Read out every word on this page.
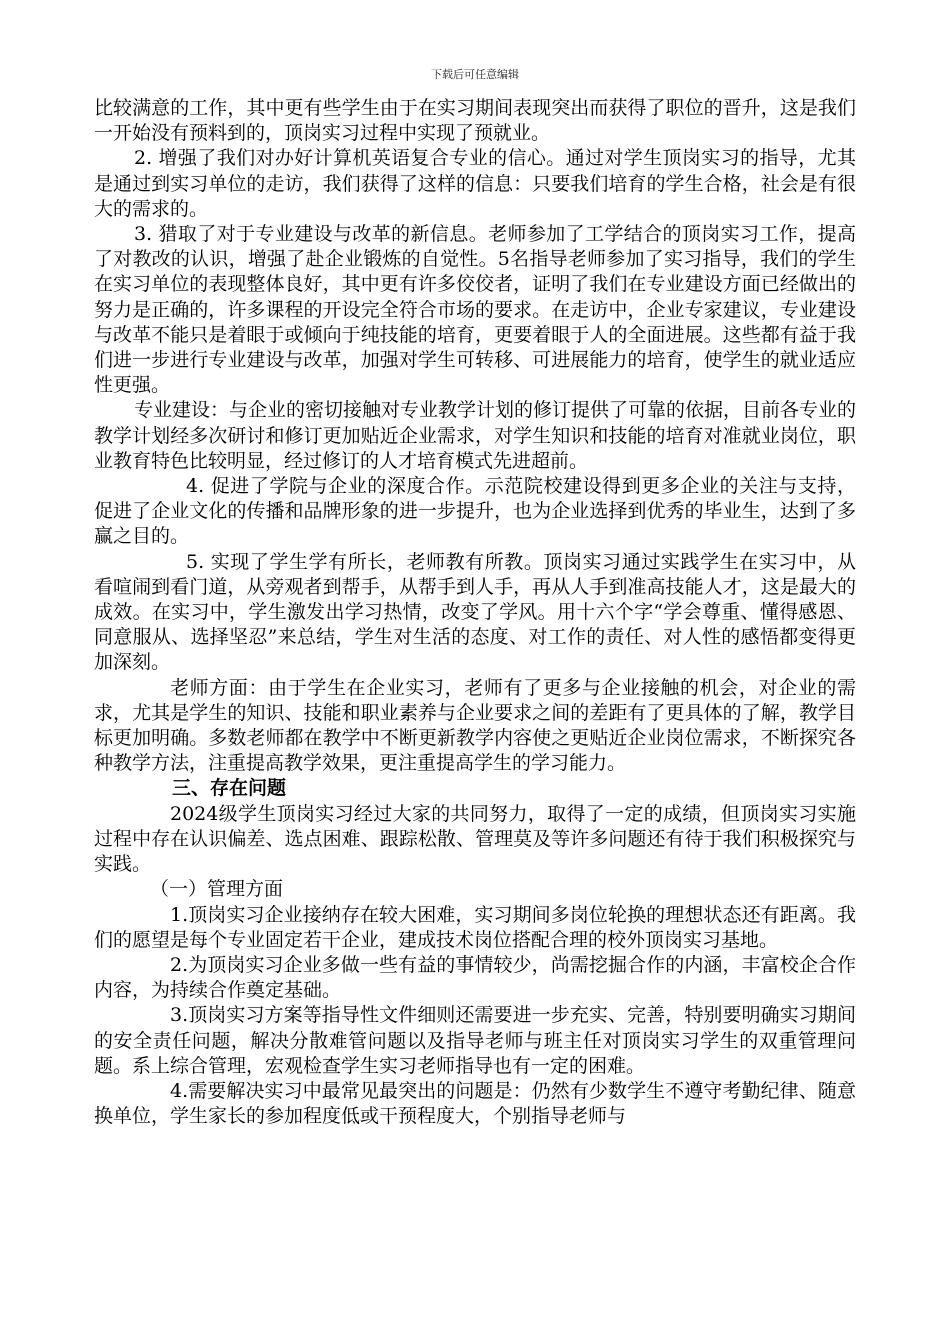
下载后可任意编辑

比较满意的工作，其中更有些学生由于在实习期间表现突出而获得了职位的晋升，这是我们一开始没有预料到的，顶岗实习过程中实现了预就业。

2. 增强了我们对办好计算机英语复合专业的信心。通过对学生顶岗实习的指导，尤其是通过到实习单位的走访，我们获得了这样的信息：只要我们培育的学生合格，社会是有很大的需求的。

3. 猎取了对于专业建设与改革的新信息。老师参加了工学结合的顶岗实习工作，提高了对教改的认识，增强了赴企业锻炼的自觉性。5名指导老师参加了实习指导，我们的学生在实习单位的表现整体良好，其中更有许多佼佼者，证明了我们在专业建设方面已经做出的努力是正确的，许多课程的开设完全符合市场的要求。在走访中，企业专家建议，专业建设与改革不能只是着眼于或倾向于纯技能的培育，更要着眼于人的全面进展。这些都有益于我们进一步进行专业建设与改革，加强对学生可转移、可进展能力的培育，使学生的就业适应性更强。

专业建设：与企业的密切接触对专业教学计划的修订提供了可靠的依据，目前各专业的教学计划经多次研讨和修订更加贴近企业需求，对学生知识和技能的培育对准就业岗位，职业教育特色比较明显，经过修订的人才培育模式先进超前。

4. 促进了学院与企业的深度合作。示范院校建设得到更多企业的关注与支持，促进了企业文化的传播和品牌形象的进一步提升，也为企业选择到优秀的毕业生，达到了多赢之目的。

5. 实现了学生学有所长，老师教有所教。顶岗实习通过实践学生在实习中，从看喧闹到看门道，从旁观者到帮手，从帮手到人手，再从人手到准高技能人才，这是最大的成效。在实习中，学生激发出学习热情，改变了学风。用十六个字“学会尊重、懂得感恩、同意服从、选择坚忍”来总结，学生对生活的态度、对工作的责任、对人性的感悟都变得更加深刻。

老师方面：由于学生在企业实习，老师有了更多与企业接触的机会，对企业的需求，尤其是学生的知识、技能和职业素养与企业要求之间的差距有了更具体的了解，教学目标更加明确。多数老师都在教学中不断更新教学内容使之更贴近企业岗位需求，不断探究各种教学方法，注重提高教学效果，更注重提高学生的学习能力。

三、存在问题

2024级学生顶岗实习经过大家的共同努力，取得了一定的成绩，但顶岗实习实施过程中存在认识偏差、选点困难、跟踪松散、管理莫及等许多问题还有待于我们积极探究与实践。

（一）管理方面

1.顶岗实习企业接纳存在较大困难，实习期间多岗位轮换的理想状态还有距离。我们的愿望是每个专业固定若干企业，建成技术岗位搭配合理的校外顶岗实习基地。

2.为顶岗实习企业多做一些有益的事情较少，尚需挖掘合作的内涵，丰富校企合作内容，为持续合作奠定基础。

3.顶岗实习方案等指导性文件细则还需要进一步充实、完善，特别要明确实习期间的安全责任问题，解决分散难管问题以及指导老师与班主任对顶岗实习学生的双重管理问题。系上综合管理，宏观检查学生实习老师指导也有一定的困难。

4.需要解决实习中最常见最突出的问题是：仍然有少数学生不遵守考勤纪律、随意换单位，学生家长的参加程度低或干预程度大，个别指导老师与
